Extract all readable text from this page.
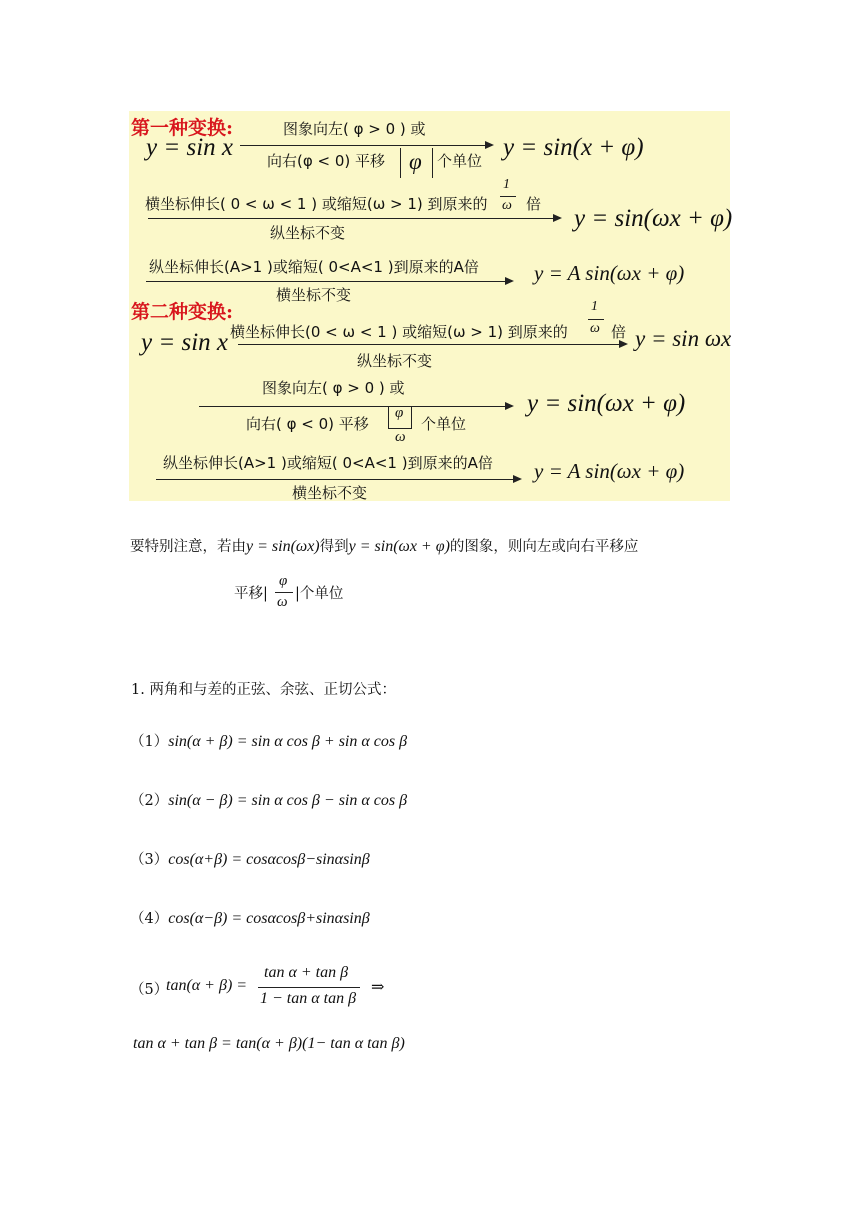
第一种变换:
y = sin x
图象向左( φ > 0 ) 或
向右(φ < 0) 平移 φ 个单位 y = sin(x + φ)
横坐标伸长( 0 < ω < 1 ) 或缩短(ω > 1) 到原来的
1
ω 倍
纵坐标不变
y = sin(ωx + φ)
纵坐标伸长(A>1 )或缩短( 0<A<1 )到原来的A倍
横坐标不变
y = A sin(ωx + φ)
第二种变换:
y = sin x 横坐标伸长(0 < ω < 1 ) 或缩短(ω > 1) 到原来的
1
ω 倍
纵坐标不变
y = sin ωx
图象向左( φ > 0 ) 或
向右( φ < 0) 平移
φ
ω
个单位
y = sin(ωx + φ)
纵坐标伸长(A>1 )或缩短( 0<A<1 )到原来的A倍
横坐标不变
y = A sin(ωx + φ)
要特别注意，若由y = sin(ωx)得到y = sin(ωx + φ)的图象，则向左或向右平移应
平移|
φ
ω |个单位
1. 两角和与差的正弦、余弦、正切公式：
（1）sin(α + β) = sin α cos β + sin α cos β
（2）sin(α − β) = sin α cos β − sin α cos β
（3）cos(α+β) = cosαcosβ−sinαsinβ
（4）cos(α−β) = cosαcosβ+sinαsinβ
（5）
tan(α + β) =
tan α + tan β
1 − tan α tan β
⇒
tan α + tan β = tan(α + β)(1− tan α tan β)
